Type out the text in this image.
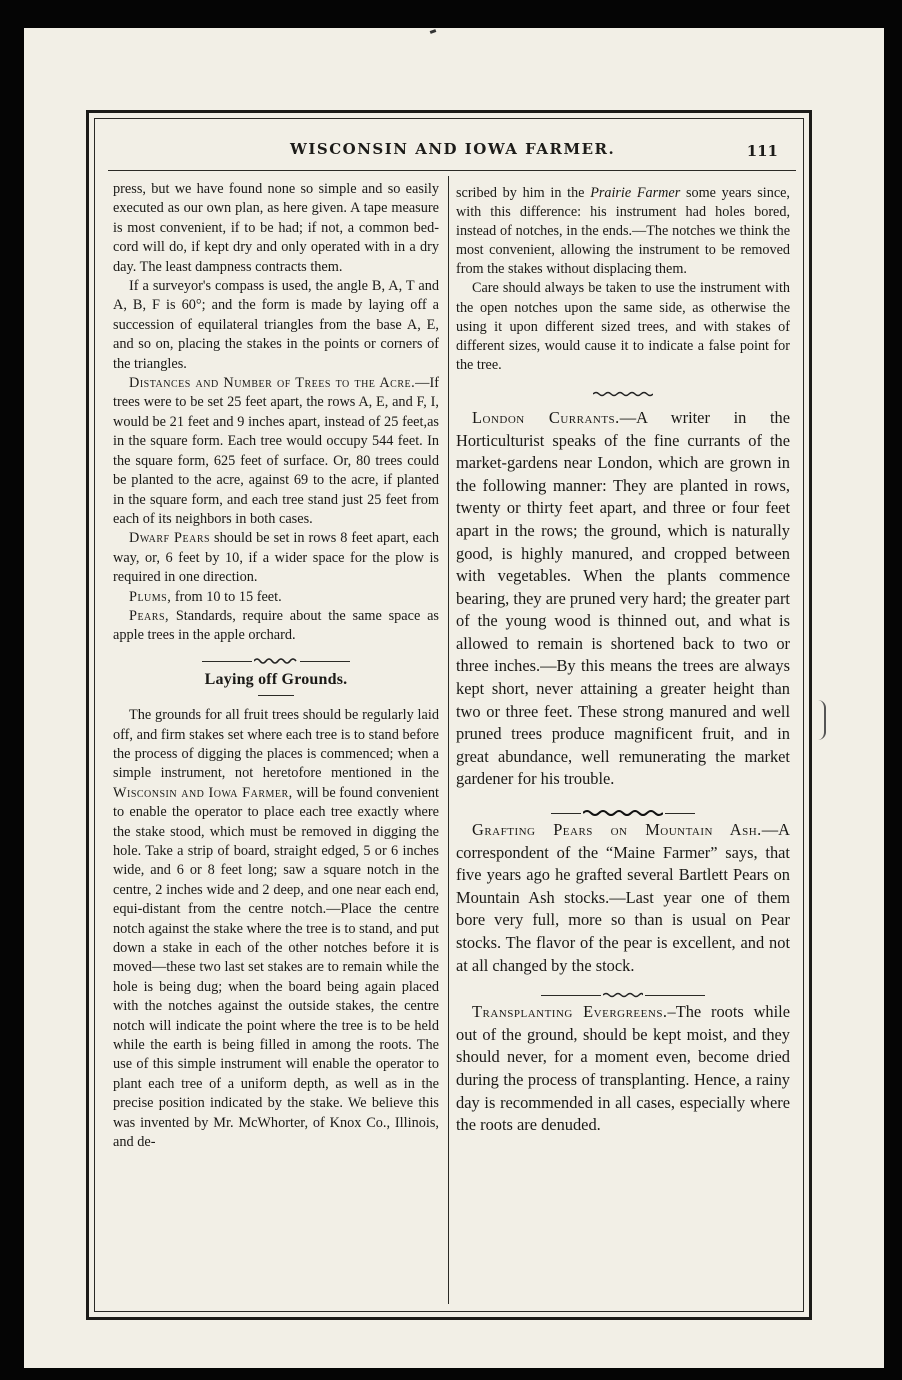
WISCONSIN AND IOWA FARMER.	111

press, but we have found none so simple and so easily executed as our own plan, as here given. A tape measure is most convenient, if to be had; if not, a common bed-cord will do, if kept dry and only operated with in a dry day. The least dampness contracts them.

If a surveyor's compass is used, the angle B, A, T and A, B, F is 60°; and the form is made by laying off a succession of equilateral triangles from the base A, E, and so on, placing the stakes in the points or corners of the triangles.

Distances and Number of Trees to the Acre.—If trees were to be set 25 feet apart, the rows A, E, and F, I, would be 21 feet and 9 inches apart, instead of 25 feet,as in the square form. Each tree would occupy 544 feet. In the square form, 625 feet of surface. Or, 80 trees could be planted to the acre, against 69 to the acre, if planted in the square form, and each tree stand just 25 feet from each of its neighbors in both cases.

Dwarf Pears should be set in rows 8 feet apart, each way, or, 6 feet by 10, if a wider space for the plow is required in one direction.

Plums, from 10 to 15 feet.

Pears, Standards, require about the same space as apple trees in the apple orchard.

Laying off Grounds.

The grounds for all fruit trees should be regularly laid off, and firm stakes set where each tree is to stand before the process of digging the places is commenced; when a simple instrument, not heretofore mentioned in the Wisconsin and Iowa Farmer, will be found convenient to enable the operator to place each tree exactly where the stake stood, which must be removed in digging the hole. Take a strip of board, straight edged, 5 or 6 inches wide, and 6 or 8 feet long; saw a square notch in the centre, 2 inches wide and 2 deep, and one near each end, equi-distant from the centre notch.—Place the centre notch against the stake where the tree is to stand, and put down a stake in each of the other notches before it is moved—these two last set stakes are to remain while the hole is being dug; when the board being again placed with the notches against the outside stakes, the centre notch will indicate the point where the tree is to be held while the earth is being filled in among the roots. The use of this simple instrument will enable the operator to plant each tree of a uniform depth, as well as in the precise position indicated by the stake. We believe this was invented by Mr. McWhorter, of Knox Co., Illinois, and de-

scribed by him in the Prairie Farmer some years since, with this difference: his instrument had holes bored, instead of notches, in the ends.—The notches we think the most convenient, allowing the instrument to be removed from the stakes without displacing them.

Care should always be taken to use the instrument with the open notches upon the same side, as otherwise the using it upon different sized trees, and with stakes of different sizes, would cause it to indicate a false point for the tree.

London Currants.—A writer in the Horticulturist speaks of the fine currants of the market-gardens near London, which are grown in the following manner: They are planted in rows, twenty or thirty feet apart, and three or four feet apart in the rows; the ground, which is naturally good, is highly manured, and cropped between with vegetables. When the plants commence bearing, they are pruned very hard; the greater part of the young wood is thinned out, and what is allowed to remain is shortened back to two or three inches.—By this means the trees are always kept short, never attaining a greater height than two or three feet. These strong manured and well pruned trees produce magnificent fruit, and in great abundance, well remunerating the market gardener for his trouble.

Grafting Pears on Mountain Ash.—A correspondent of the “Maine Farmer” says, that five years ago he grafted several Bartlett Pears on Mountain Ash stocks.—Last year one of them bore very full, more so than is usual on Pear stocks. The flavor of the pear is excellent, and not at all changed by the stock.

Transplanting Evergreens.–The roots while out of the ground, should be kept moist, and they should never, for a moment even, become dried during the process of transplanting. Hence, a rainy day is recommended in all cases, especially where the roots are denuded.
